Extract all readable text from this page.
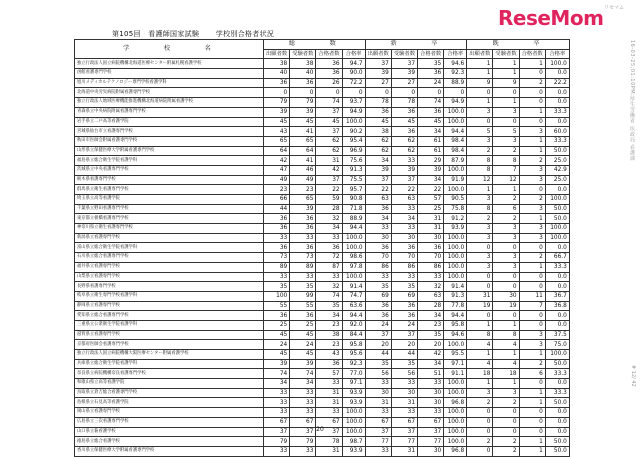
第105回　看護師国家試験 学校別合格者状況
リセマム
ReseMom
学　　　校　　　名	総　　　数				新　　　卒				既　　　卒			
	出願者数	受験者数	合格者数	合格率	出願者数	受験者数	合格者数	合格率	出願者数	受験者数	合格者数	合格率
独立行政法人国立病院機構北海道医療センター附属札幌看護学校	38	38	36	94.7	37	37	35	94.6	1	1	1	100.0
函館看護専門学校	40	40	36	90.0	39	39	36	92.3	1	1	0	0.0
旭川メディカルテクノロジー専門学校看護学科	36	36	26	72.2	27	27	24	88.9	9	9	2	22.2
北海道中央労災病院附属看護専門学校	0	0	0	0	0	0	0	0	0	0	0	0.0
独立行政法人地域医療機能推進機構北海道病院附属看護学校	79	79	74	93.7	78	78	74	94.9	1	1	0	0.0
青森県立中央病院附属看護専門学校	39	39	37	94.9	36	36	36	100.0	3	3	1	33.3
岩手県立二戸高等看護学院	45	45	45	100.0	45	45	45	100.0	0	0	0	0.0
宮城県仙台市立看護専門学校	43	41	37	90.2	38	36	34	94.4	5	5	3	60.0
秋田市医師会附属看護専門学校	65	65	62	95.4	62	62	61	98.4	3	3	1	33.3
山形県立保健医療大学附属看護専門学校	64	64	62	96.9	62	62	61	98.4	2	2	1	50.0
福島県立総合衛生学院看護学科	42	41	31	75.6	34	33	29	87.9	8	8	2	25.0
茨城県立中央看護専門学校	47	46	42	91.3	39	39	39	100.0	8	7	3	42.9
栃木県看護専門学校	49	49	37	75.5	37	37	34	91.9	12	12	3	25.0
群馬県立衛生看護専門学校	23	23	22	95.7	22	22	22	100.0	1	1	0	0.0
埼玉県立高等看護学院	66	65	59	90.8	63	63	57	90.5	3	2	2	100.0
千葉県立野田看護専門学校	44	39	28	71.8	36	33	25	75.8	8	6	3	50.0
東京都立板橋看護専門学校	36	36	32	88.9	34	34	31	91.2	2	2	1	50.0
神奈川県立衛生看護専門学校	36	36	34	94.4	33	33	31	93.9	3	3	3	100.0
新潟県立看護専門学校	33	33	33	100.0	30	30	30	100.0	3	3	3	100.0
富山県立総合衛生学院看護学科	36	36	36	100.0	36	36	36	100.0	0	0	0	0.0
石川県立総合看護専門学校	73	73	72	98.6	70	70	70	100.0	3	3	2	66.7
福井県立看護専門学校	89	89	87	97.8	86	86	86	100.0	3	3	1	33.3
山梨県立看護専門学校	33	33	33	100.0	33	33	33	100.0	0	0	0	0.0
長野県看護専門学校	35	35	32	91.4	35	35	32	91.4	0	0	0	0.0
岐阜県立衛生専門学校看護学科	100	99	74	74.7	69	69	63	91.3	31	30	11	36.7
静岡県立看護専門学校	55	55	35	63.6	36	36	28	77.8	19	19	7	36.8
愛知県立総合看護専門学校	36	36	34	94.4	36	36	34	94.4	0	0	0	0.0
三重県立公衆衛生学院看護学科	25	25	23	92.0	24	24	23	95.8	1	1	0	0.0
滋賀県立看護専門学校	45	45	38	84.4	37	37	35	94.6	8	8	3	37.5
京都府医師会看護専門学校	24	24	23	95.8	20	20	20	100.0	4	4	3	75.0
独立行政法人国立病院機構大阪医療センター附属看護学校	45	45	43	95.6	44	44	42	95.5	1	1	1	100.0
兵庫県立総合衛生学院看護学科	39	39	36	92.3	35	35	34	97.1	4	4	2	50.0
奈良県立病院機構奈良看護専門学校	74	74	57	77.0	56	56	51	91.1	18	18	6	33.3
和歌山県立高等看護学院	34	34	33	97.1	33	33	33	100.0	1	1	0	0.0
鳥取県立倉吉総合看護専門学校	33	33	31	93.9	30	30	30	100.0	3	3	1	33.3
島根県立石見高等看護学院	33	33	31	93.9	31	31	30	96.8	2	2	1	50.0
岡山県立看護専門学校	33	33	33	100.0	33	33	33	100.0	0	0	0	0.0
広島県立三次看護専門学校	67	67	67	100.0	67	67	67	100.0	0	0	0	0.0
山口県立萩看護学校	37	37	37	100.0	37	37	37	100.0	0	0	0	0.0
徳島県立総合看護学校	79	79	78	98.7	77	77	77	100.0	2	2	1	50.0
香川県立保健医療大学附属看護専門学校	33	33	31	93.9	33	31	30	96.8	0	2	1	50.0
20
16-03-25;01:10PM;厚生労働省 医政局 看護課
# 12/ 42
